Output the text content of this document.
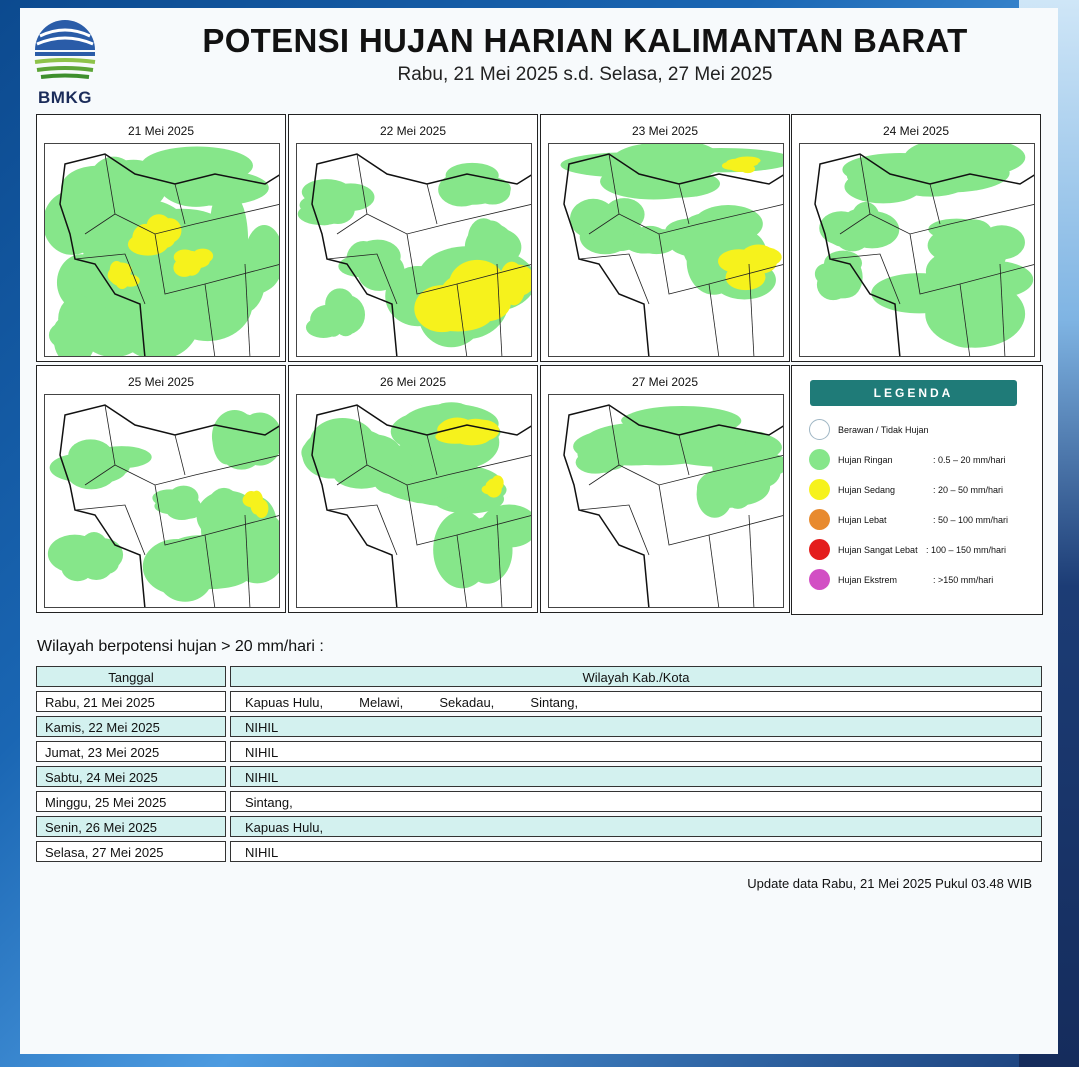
BMKG
POTENSI HUJAN HARIAN KALIMANTAN BARAT
Rabu, 21 Mei 2025 s.d. Selasa, 27 Mei 2025
21 Mei 2025	22 Mei 2025	23 Mei 2025	24 Mei 2025
25 Mei 2025	26 Mei 2025	27 Mei 2025
LEGENDA
Berawan / Tidak Hujan
Hujan Ringan	: 0.5 – 20 mm/hari
Hujan Sedang	: 20 – 50 mm/hari
Hujan Lebat	: 50 – 100 mm/hari
Hujan Sangat Lebat : 100 – 150 mm/hari
Hujan Ekstrem	: >150 mm/hari
Wilayah berpotensi hujan > 20 mm/hari :
Tanggal	Wilayah Kab./Kota
Rabu, 21 Mei 2025	Kapuas Hulu,          Melawi,          Sekadau,          Sintang,
Kamis, 22 Mei 2025	NIHIL
Jumat, 23 Mei 2025	NIHIL
Sabtu, 24 Mei 2025	NIHIL
Minggu, 25 Mei 2025	Sintang,
Senin, 26 Mei 2025	Kapuas Hulu,
Selasa, 27 Mei 2025	NIHIL
Update data Rabu, 21 Mei 2025 Pukul 03.48 WIB
